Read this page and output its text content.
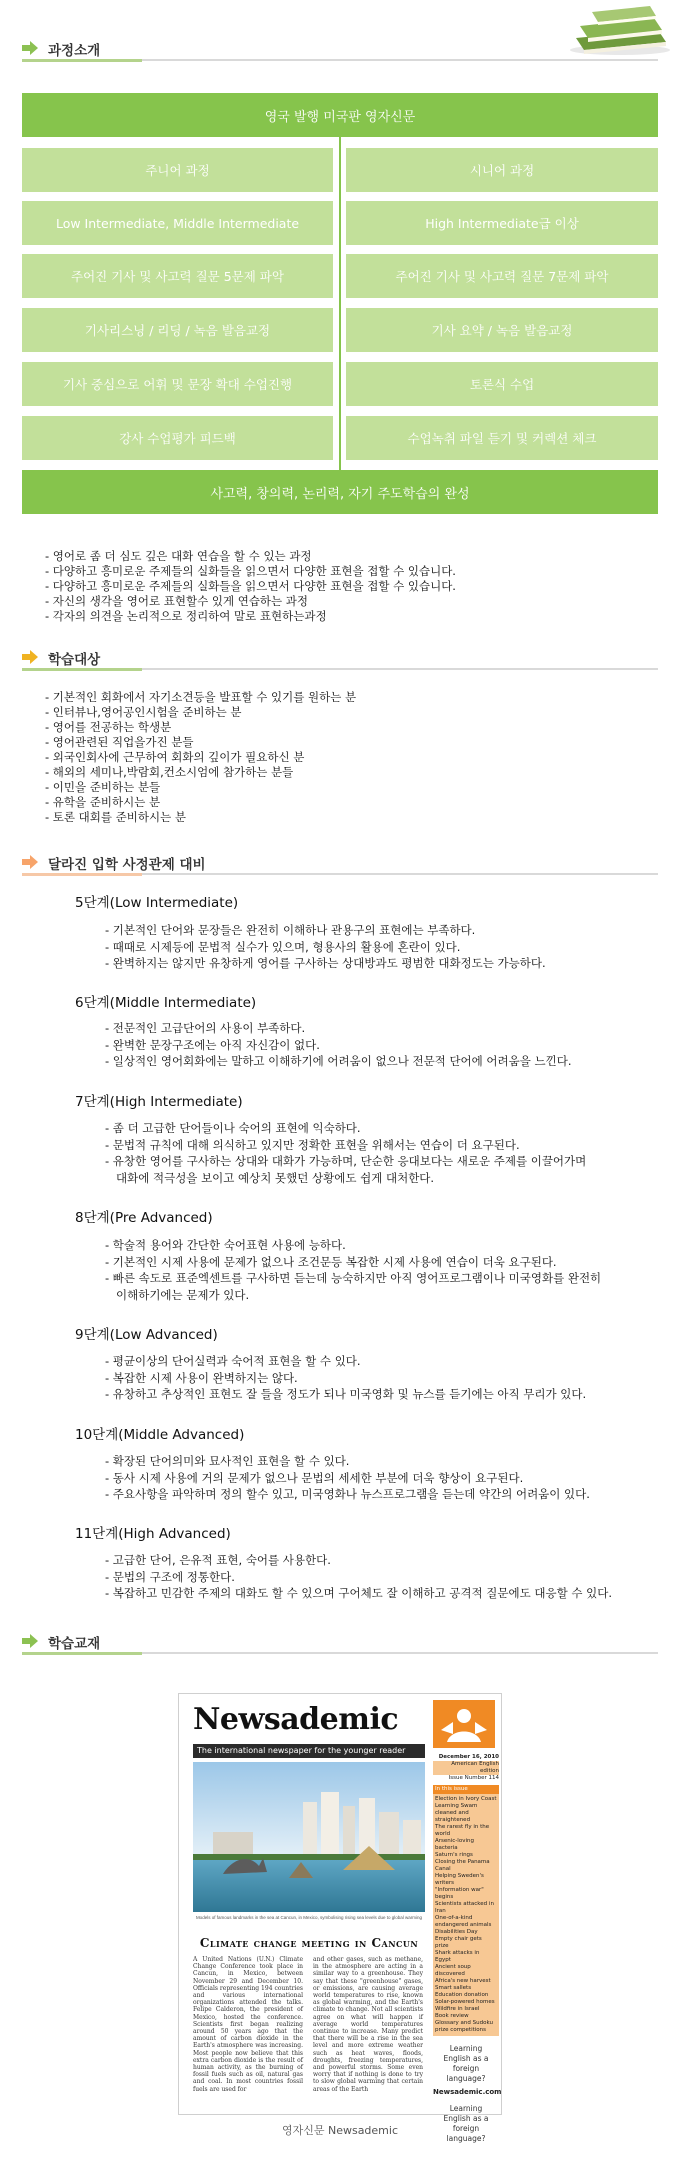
과정소개
영국 발행 미국판 영자신문
주니어 과정
Low Intermediate, Middle Intermediate
주어진 기사 및 사고력 질문 5문제 파악
기사리스닝 / 리딩 / 녹음 발음교정
기사 중심으로 어휘 및 문장 확대 수업진행
강사 수업평가 피드백
시니어 과정
High Intermediate급 이상
주어진 기사 및 사고력 질문 7문제 파악
기사 요약 / 녹음 발음교정
토론식 수업
수업녹취 파일 듣기 및 커렉션 체크
사고력, 창의력, 논리력, 자기 주도학습의 완성
- 영어로 좀 더 심도 깊은 대화 연습을 할 수 있는 과정
- 다양하고 흥미로운 주제들의 실화들을 읽으면서 다양한 표현을 접할 수 있습니다.
- 다양하고 흥미로운 주제들의 실화들을 읽으면서 다양한 표현을 접할 수 있습니다.
- 자신의 생각을 영어로 표현할수 있게 연습하는 과정
- 각자의 의견을 논리적으로 정리하여 말로 표현하는과정
학습대상
- 기본적인 회화에서 자기소견등을 발표할 수 있기를 원하는 분
- 인터뷰나,영어공인시험을 준비하는 분
- 영어를 전공하는 학생분
- 영어관련된 직업을가진 분들
- 외국인회사에 근무하여 회화의 깊이가 필요하신 분
- 해외의 세미나,박람회,컨소시엄에 참가하는 분들
- 이민을 준비하는 분들
- 유학을 준비하시는 분
- 토론 대회를 준비하시는 분
달라진 입학 사정관제 대비
5단계(Low Intermediate)
- 기본적인 단어와 문장들은 완전히 이해하나 관용구의 표현에는 부족하다.
- 때때로 시제등에 문법적 실수가 있으며, 형용사의 활용에 혼란이 있다.
- 완벽하지는 않지만 유창하게 영어를 구사하는 상대방과도 평범한 대화정도는 가능하다.
6단계(Middle Intermediate)
- 전문적인 고급단어의 사용이 부족하다.
- 완벽한 문장구조에는 아직 자신감이 없다.
- 일상적인 영어회화에는 말하고 이해하기에 어려움이 없으나 전문적 단어에 어려움을 느낀다.
7단계(High Intermediate)
- 좀 더 고급한 단어들이나 숙어의 표현에 익숙하다.
- 문법적 규칙에 대해 의식하고 있지만 정확한 표현을 위해서는 연습이 더 요구된다.
- 유창한 영어를 구사하는 상대와 대화가 가능하며, 단순한 응대보다는 새로운 주제를 이끌어가며
대화에 적극성을 보이고 예상치 못했던 상황에도 쉽게 대처한다.
8단계(Pre Advanced)
- 학술적 용어와 간단한 숙어표현 사용에 능하다.
- 기본적인 시제 사용에 문제가 없으나 조건문등 복잡한 시제 사용에 연습이 더욱 요구된다.
- 빠른 속도로 표준엑센트를 구사하면 듣는데 능숙하지만 아직 영어프로그램이나 미국영화를 완전히
이해하기에는 문제가 있다.
9단계(Low Advanced)
- 평균이상의 단어실력과 숙어적 표현을 할 수 있다.
- 복잡한 시제 사용이 완벽하지는 않다.
- 유창하고 추상적인 표현도 잘 들을 정도가 되나 미국영화 및 뉴스를 듣기에는 아직 무리가 있다.
10단계(Middle Advanced)
- 확장된 단어의미와 묘사적인 표현을 할 수 있다.
- 동사 시제 사용에 거의 문제가 없으나 문법의 세세한 부분에 더욱 향상이 요구된다.
- 주요사항을 파악하며 정의 할수 있고, 미국영화나 뉴스프로그램을 듣는데 약간의 어려움이 있다.
11단계(High Advanced)
- 고급한 단어, 은유적 표현, 숙어를 사용한다.
- 문법의 구조에 정통한다.
- 복잡하고 민감한 주제의 대화도 할 수 있으며 구어체도 잘 이해하고 공격적 질문에도 대응할 수 있다.
학습교재
Newsademic
The international newspaper for the younger reader
December 16, 2010
American English edition
Issue Number 114
In this issue
Election in Ivory Coast
Learning Swam cleaned and straightened
The rarest fly in the world
Arsenic-loving bacteria
Saturn's rings
Closing the Panama Canal
Helping Sweden's writers
"Information war" begins
Scientists attacked in Iran
One-of-a-kind endangered animals
Disabilities Day
Empty chair gets prize
Shark attacks in Egypt
Ancient soup discovered
Africa's new harvest
Smart sallets
Education donation
Solar-powered homes
Wildfire in Israel
Book review
Glossary and Sudoku prize competitions
Learning English as a foreign language?
Newsademic.com
Learning English as a foreign language?
Models of famous landmarks in the sea at Cancun, in Mexico, symbolising rising sea levels due to global warming
Climate change meeting in Cancun
A United Nations (U.N.) Climate Change Conference took place in Cancun, in Mexico, between November 29 and December 10. Officials representing 194 countries and various international organizations attended the talks. Felipe Calderon, the president of Mexico, hosted the conference. Scientists first began realizing around 50 years ago that the amount of carbon dioxide in the Earth's atmosphere was increasing. Most people now believe that this extra carbon dioxide is the result of human activity, as the burning of fossil fuels such as oil, natural gas and coal. In most countries fossil fuels are used for
and other gases, such as methane, in the atmosphere are acting in a similar way to a greenhouse. They say that these "greenhouse" gases, or emissions, are causing average world temperatures to rise, known as global warming, and the Earth's climate to change. Not all scientists agree on what will happen if average world temperatures continue to increase. Many predict that there will be a rise in the sea level and more extreme weather such as heat waves, floods, droughts, freezing temperatures, and powerful storms. Some even worry that if nothing is done to try to slow global warming that certain areas of the Earth
영자신문 Newsademic
